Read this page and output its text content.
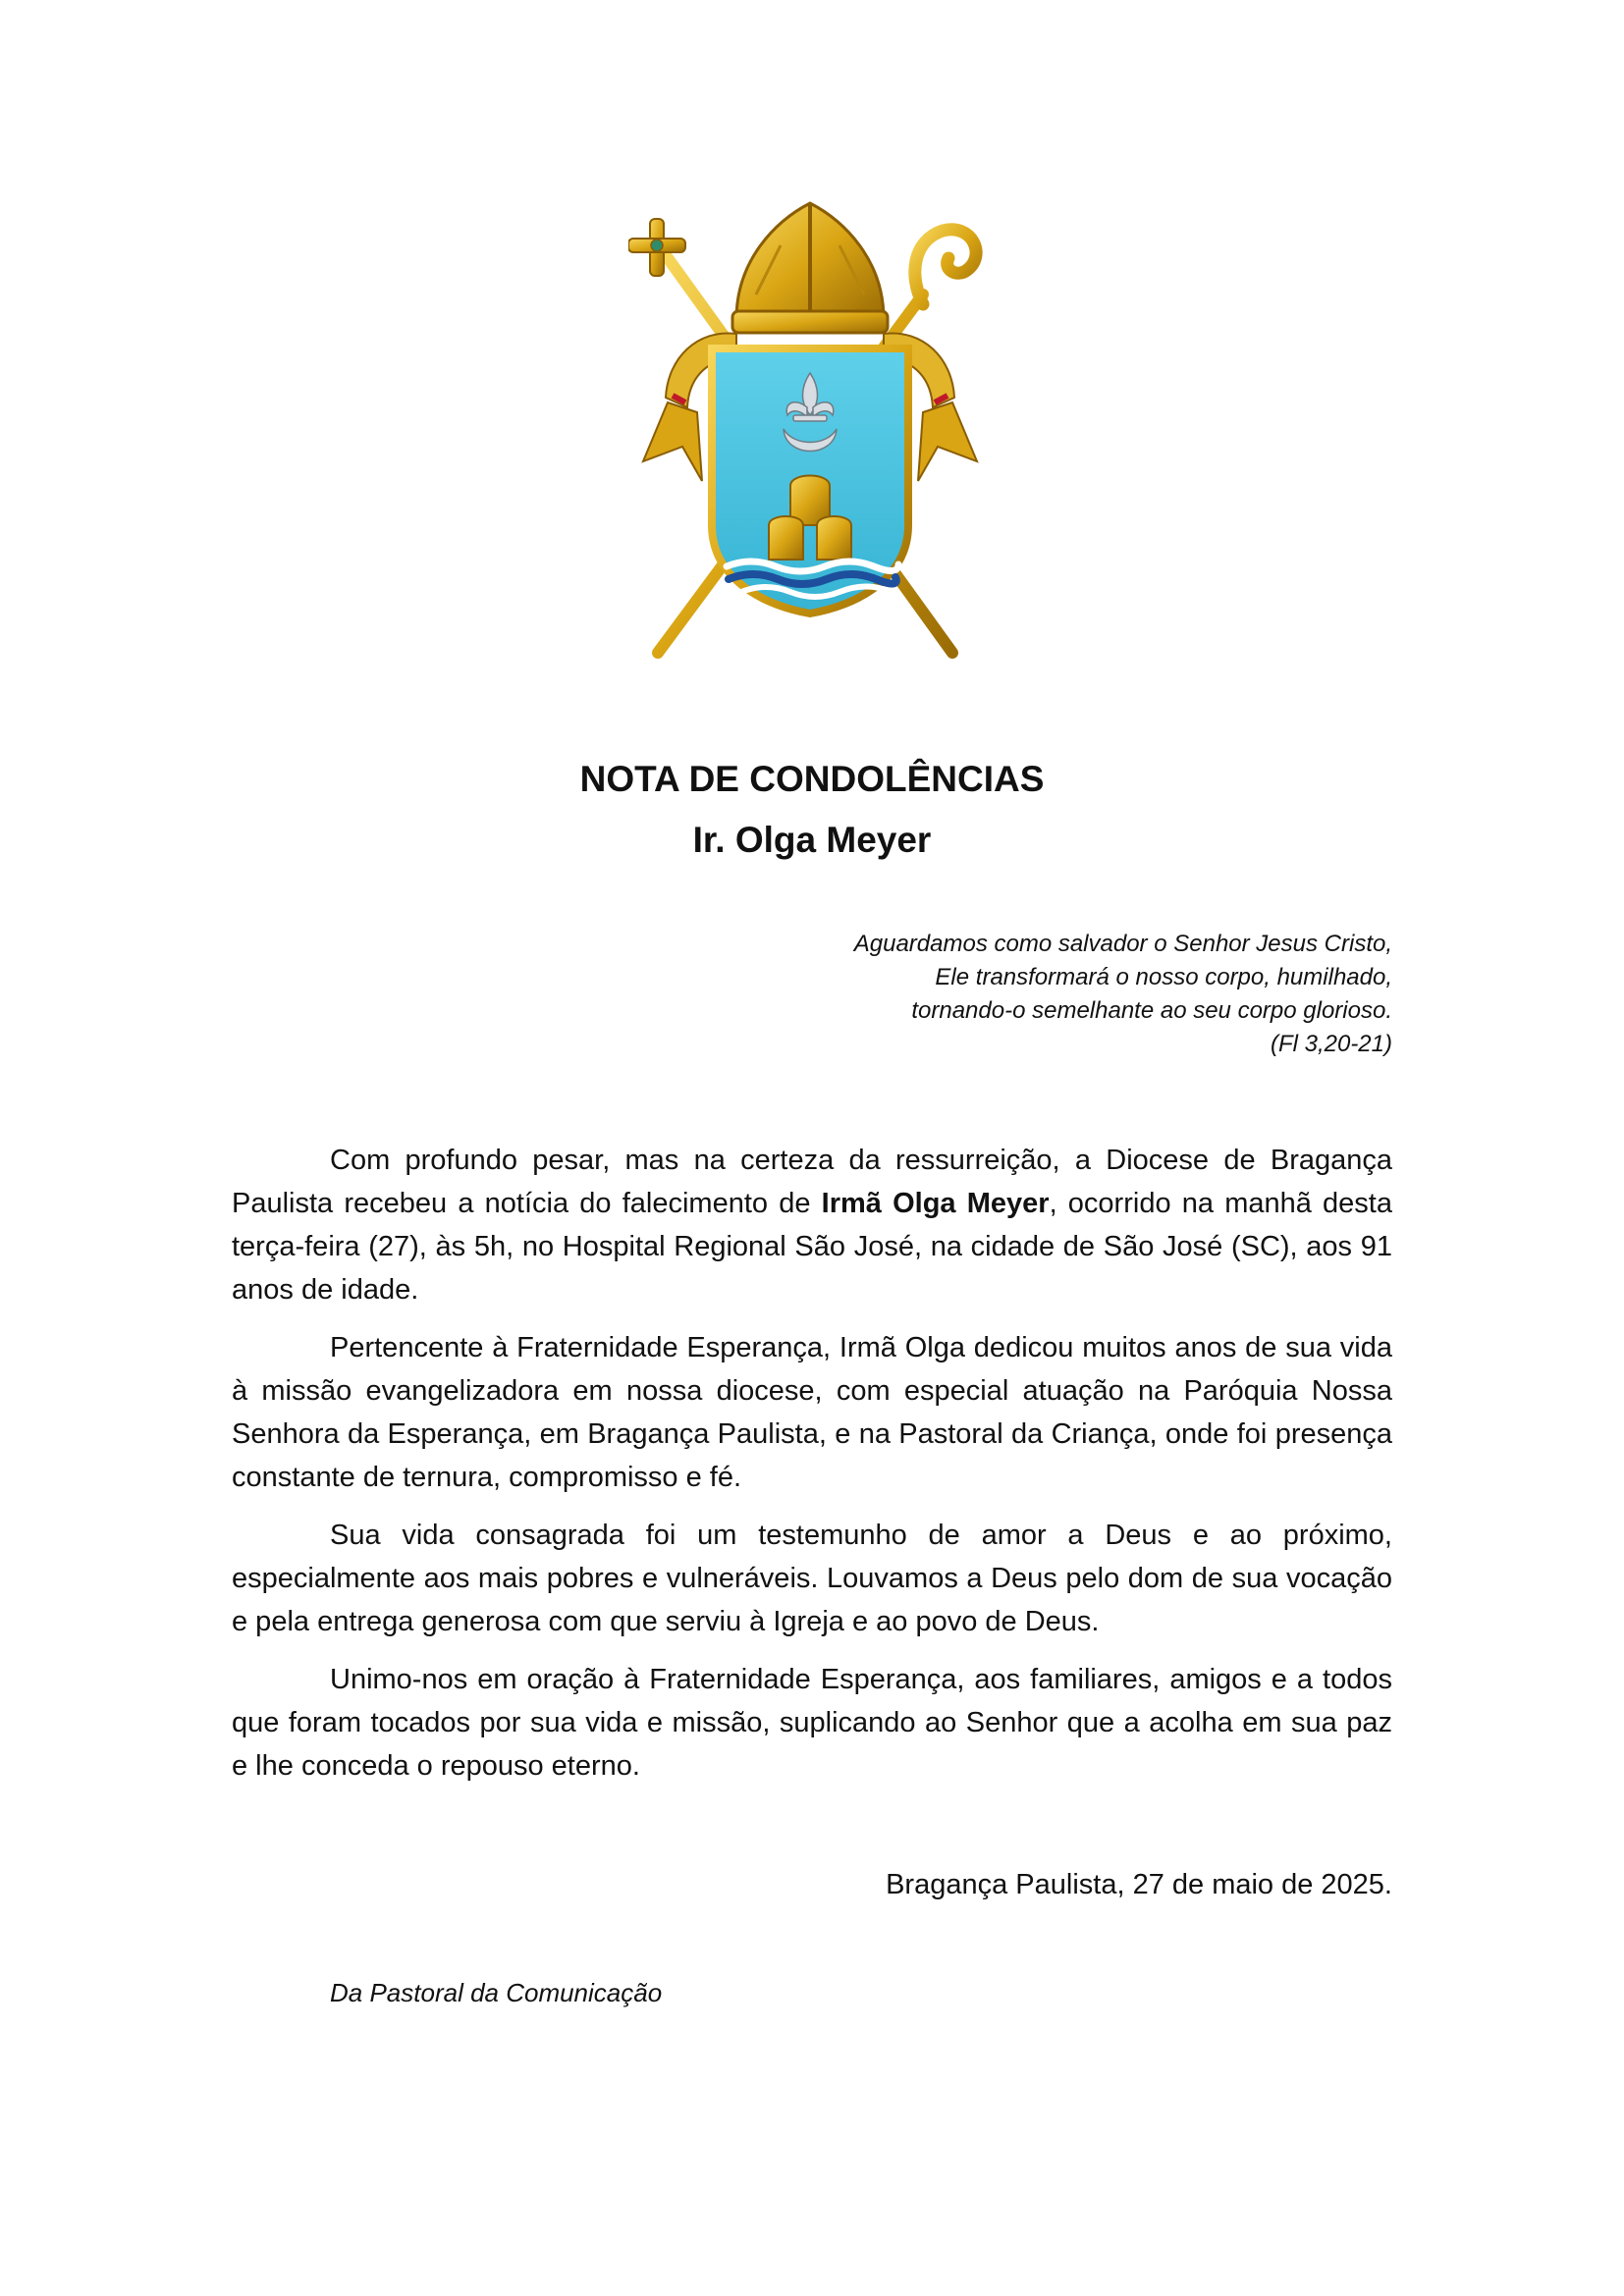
NOTA DE CONDOLÊNCIAS
Ir. Olga Meyer
Aguardamos como salvador o Senhor Jesus Cristo,
Ele transformará o nosso corpo, humilhado,
tornando-o semelhante ao seu corpo glorioso.
(Fl 3,20-21)

Com profundo pesar, mas na certeza da ressurreição, a Diocese de Bragança Paulista recebeu a notícia do falecimento de Irmã Olga Meyer, ocorrido na manhã desta terça-feira (27), às 5h, no Hospital Regional São José, na cidade de São José (SC), aos 91 anos de idade.

Pertencente à Fraternidade Esperança, Irmã Olga dedicou muitos anos de sua vida à missão evangelizadora em nossa diocese, com especial atuação na Paróquia Nossa Senhora da Esperança, em Bragança Paulista, e na Pastoral da Criança, onde foi presença constante de ternura, compromisso e fé.

Sua vida consagrada foi um testemunho de amor a Deus e ao próximo, especialmente aos mais pobres e vulneráveis. Louvamos a Deus pelo dom de sua vocação e pela entrega generosa com que serviu à Igreja e ao povo de Deus.

Unimo-nos em oração à Fraternidade Esperança, aos familiares, amigos e a todos que foram tocados por sua vida e missão, suplicando ao Senhor que a acolha em sua paz e lhe conceda o repouso eterno.

Bragança Paulista, 27 de maio de 2025.
Da Pastoral da Comunicação
